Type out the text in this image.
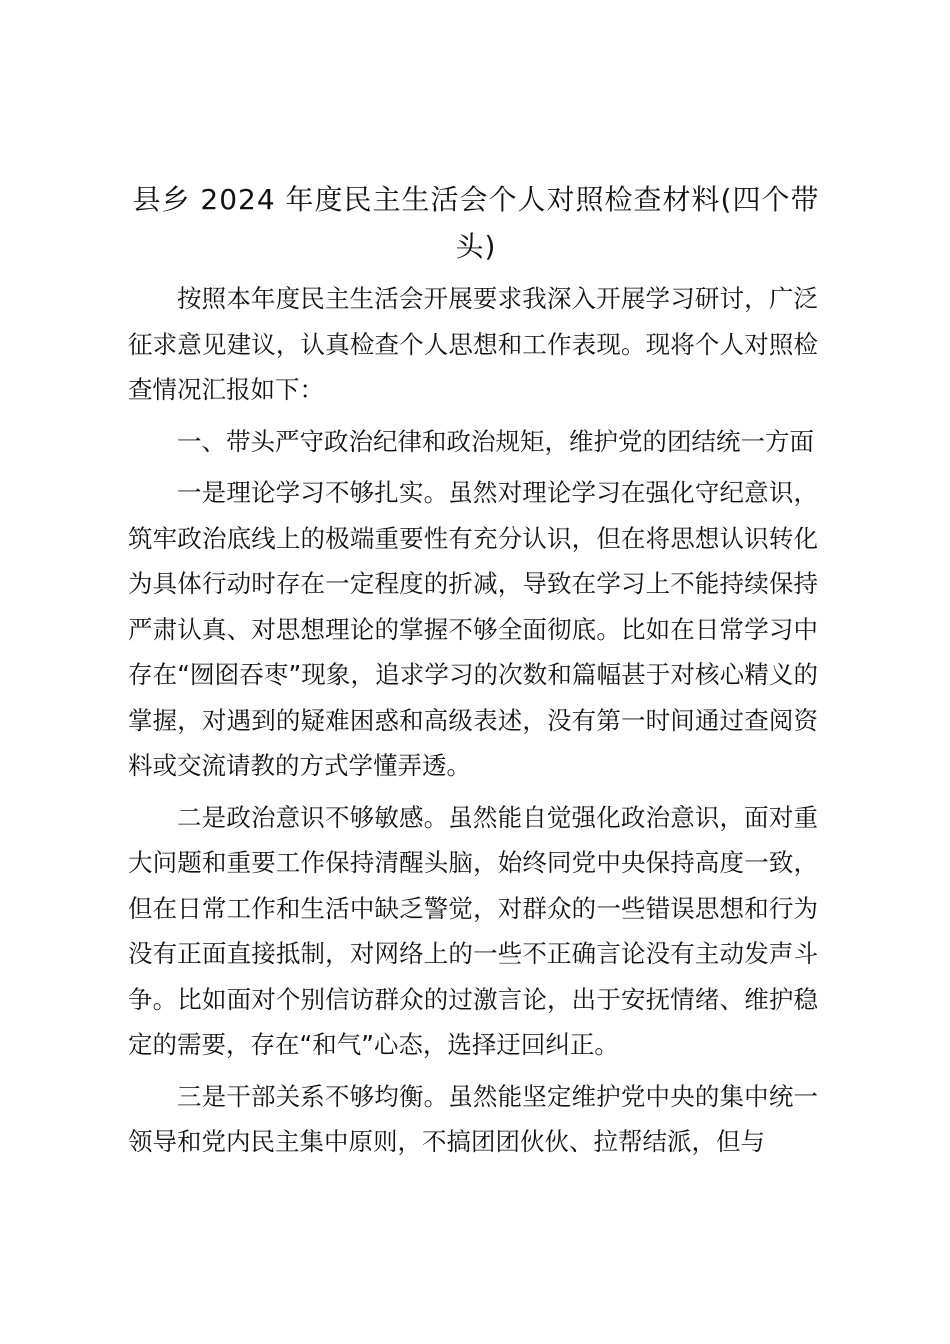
县乡 2024 年度民主生活会个人对照检查材料(四个带头)

按照本年度民主生活会开展要求我深入开展学习研讨，广泛征求意见建议，认真检查个人思想和工作表现。现将个人对照检查情况汇报如下：

一、带头严守政治纪律和政治规矩，维护党的团结统一方面

一是理论学习不够扎实。虽然对理论学习在强化守纪意识，筑牢政治底线上的极端重要性有充分认识，但在将思想认识转化为具体行动时存在一定程度的折减，导致在学习上不能持续保持严肃认真、对思想理论的掌握不够全面彻底。比如在日常学习中存在“囫囵吞枣”现象，追求学习的次数和篇幅甚于对核心精义的掌握，对遇到的疑难困惑和高级表述，没有第一时间通过查阅资料或交流请教的方式学懂弄透。

二是政治意识不够敏感。虽然能自觉强化政治意识，面对重大问题和重要工作保持清醒头脑，始终同党中央保持高度一致，但在日常工作和生活中缺乏警觉，对群众的一些错误思想和行为没有正面直接抵制，对网络上的一些不正确言论没有主动发声斗争。比如面对个别信访群众的过激言论，出于安抚情绪、维护稳定的需要，存在“和气”心态，选择迂回纠正。

三是干部关系不够均衡。虽然能坚定维护党中央的集中统一领导和党内民主集中原则，不搞团团伙伙、拉帮结派，但与
